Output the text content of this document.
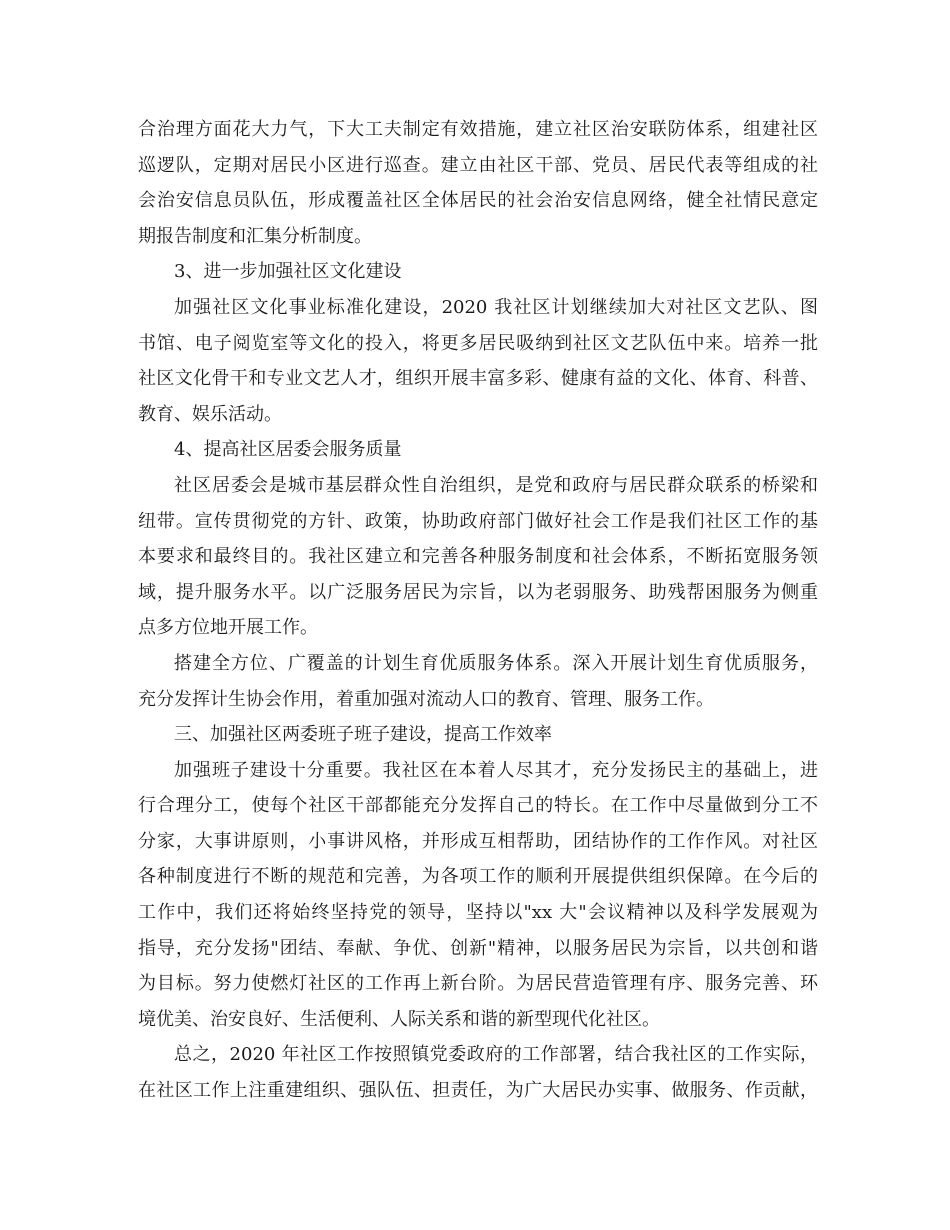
合治理方面花大力气，下大工夫制定有效措施，建立社区治安联防体系，组建社区
巡逻队，定期对居民小区进行巡查。建立由社区干部、党员、居民代表等组成的社
会治安信息员队伍，形成覆盖社区全体居民的社会治安信息网络，健全社情民意定
期报告制度和汇集分析制度。
3、进一步加强社区文化建设
加强社区文化事业标准化建设，2020 我社区计划继续加大对社区文艺队、图
书馆、电子阅览室等文化的投入，将更多居民吸纳到社区文艺队伍中来。培养一批
社区文化骨干和专业文艺人才，组织开展丰富多彩、健康有益的文化、体育、科普、
教育、娱乐活动。
4、提高社区居委会服务质量
社区居委会是城市基层群众性自治组织，是党和政府与居民群众联系的桥梁和
纽带。宣传贯彻党的方针、政策，协助政府部门做好社会工作是我们社区工作的基
本要求和最终目的。我社区建立和完善各种服务制度和社会体系，不断拓宽服务领
域，提升服务水平。以广泛服务居民为宗旨，以为老弱服务、助残帮困服务为侧重
点多方位地开展工作。
搭建全方位、广覆盖的计划生育优质服务体系。深入开展计划生育优质服务，
充分发挥计生协会作用，着重加强对流动人口的教育、管理、服务工作。
三、加强社区两委班子班子建设，提高工作效率
加强班子建设十分重要。我社区在本着人尽其才，充分发扬民主的基础上，进
行合理分工，使每个社区干部都能充分发挥自己的特长。在工作中尽量做到分工不
分家，大事讲原则，小事讲风格，并形成互相帮助，团结协作的工作作风。对社区
各种制度进行不断的规范和完善，为各项工作的顺利开展提供组织保障。在今后的
工作中，我们还将始终坚持党的领导，坚持以"xx 大"会议精神以及科学发展观为
指导，充分发扬"团结、奉献、争优、创新"精神，以服务居民为宗旨，以共创和谐
为目标。努力使燃灯社区的工作再上新台阶。为居民营造管理有序、服务完善、环
境优美、治安良好、生活便利、人际关系和谐的新型现代化社区。
总之，2020 年社区工作按照镇党委政府的工作部署，结合我社区的工作实际，
在社区工作上注重建组织、强队伍、担责任，为广大居民办实事、做服务、作贡献，
